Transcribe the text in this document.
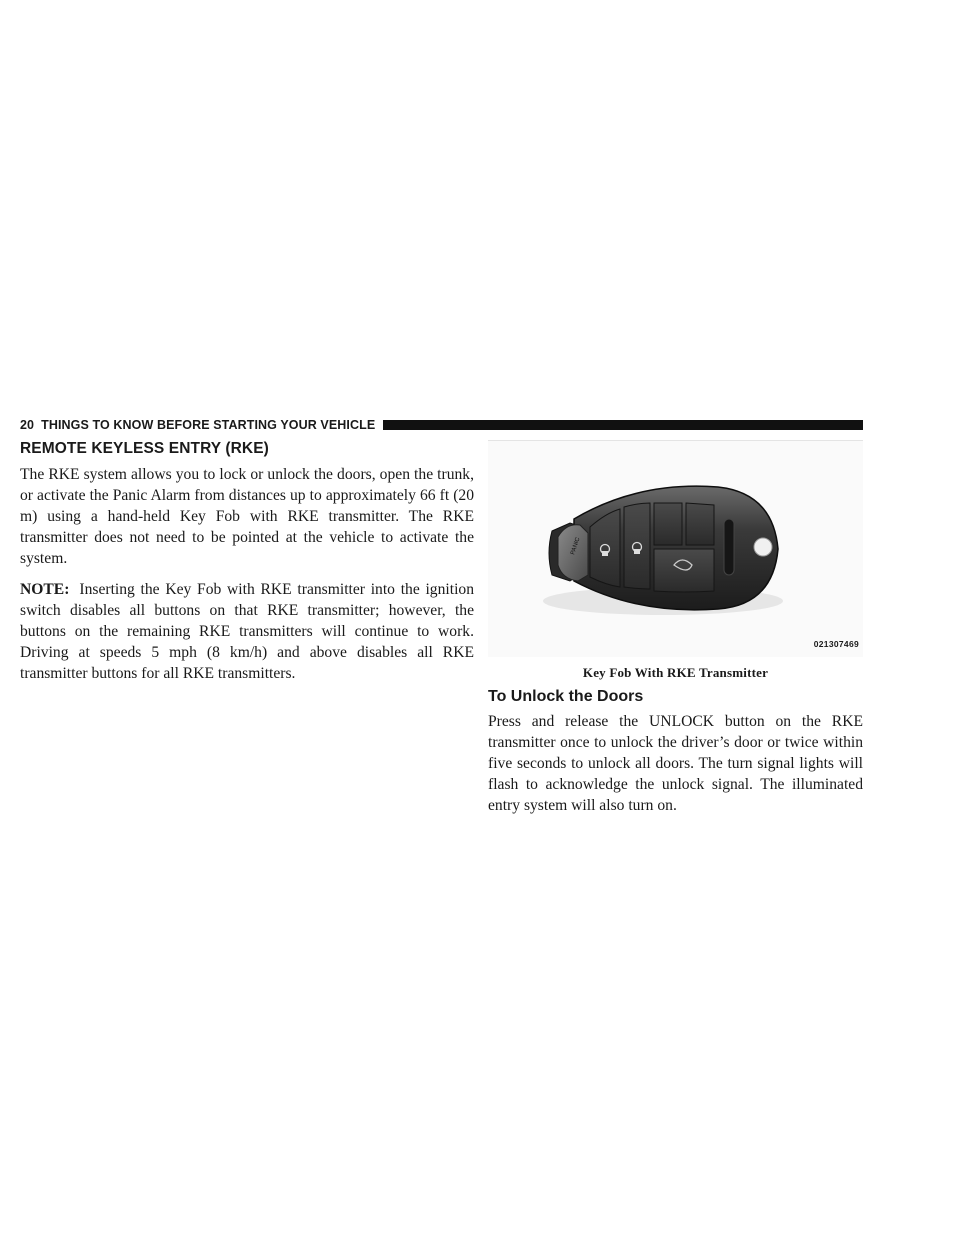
20 THINGS TO KNOW BEFORE STARTING YOUR VEHICLE
REMOTE KEYLESS ENTRY (RKE)

The RKE system allows you to lock or unlock the doors, open the trunk, or activate the Panic Alarm from distances up to approximately 66 ft (20 m) using a hand-held Key Fob with RKE transmitter. The RKE transmitter does not need to be pointed at the vehicle to activate the system.

NOTE: Inserting the Key Fob with RKE transmitter into the ignition switch disables all buttons on that RKE transmitter; however, the buttons on the remaining RKE transmitters will continue to work. Driving at speeds 5 mph (8 km/h) and above disables all RKE transmitter buttons for all RKE transmitters.

PANIC
021307469
Key Fob With RKE Transmitter
To Unlock the Doors

Press and release the UNLOCK button on the RKE transmitter once to unlock the driver’s door or twice within five seconds to unlock all doors. The turn signal lights will flash to acknowledge the unlock signal. The illuminated entry system will also turn on.
